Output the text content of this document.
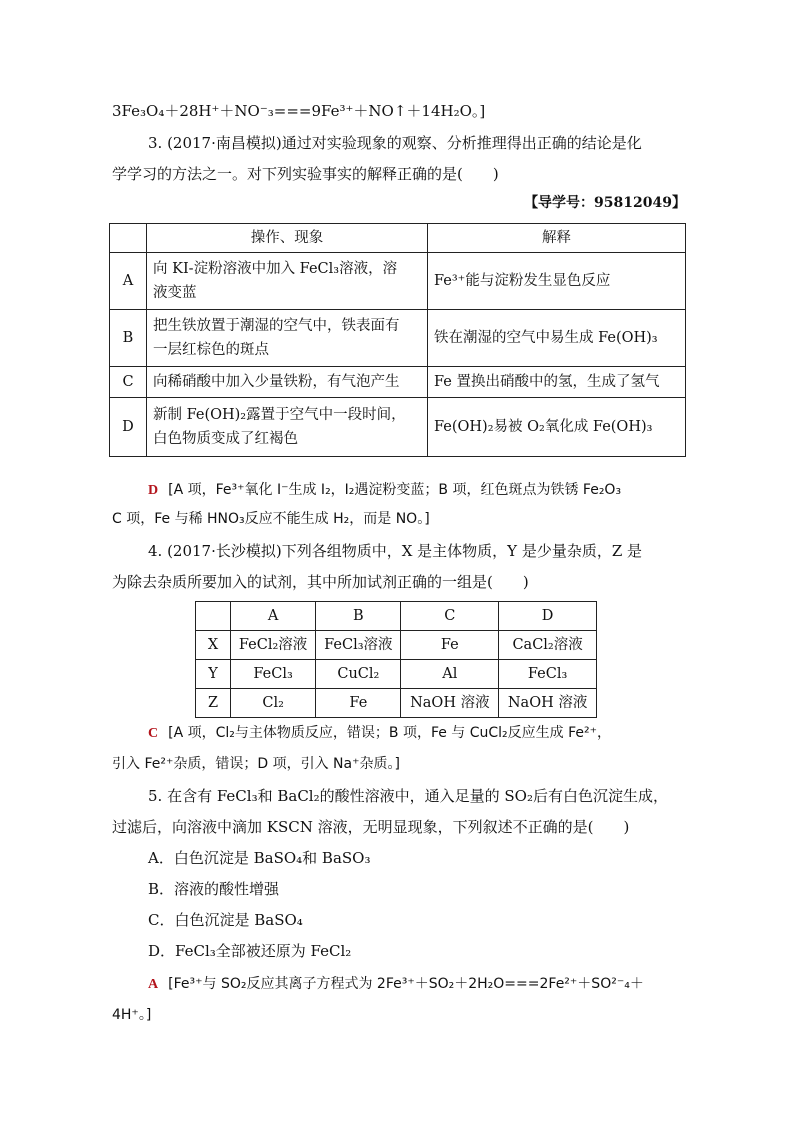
3Fe₃O₄＋28H⁺＋NO⁻₃===9Fe³⁺＋NO↑＋14H₂O。]
3. (2017·南昌模拟)通过对实验现象的观察、分析推理得出正确的结论是化
学学习的方法之一。对下列实验事实的解释正确的是(　　)
【导学号：95812049】
	操作、现象	解释
A	向 KI-淀粉溶液中加入 FeCl₃溶液，溶
液变蓝	Fe³⁺能与淀粉发生显色反应
B	把生铁放置于潮湿的空气中，铁表面有
一层红棕色的斑点	铁在潮湿的空气中易生成 Fe(OH)₃
C	向稀硝酸中加入少量铁粉，有气泡产生	Fe 置换出硝酸中的氢，生成了氢气
D	新制 Fe(OH)₂露置于空气中一段时间，
白色物质变成了红褐色	Fe(OH)₂易被 O₂氧化成 Fe(OH)₃
D [A 项，Fe³⁺氧化 I⁻生成 I₂，I₂遇淀粉变蓝；B 项，红色斑点为铁锈 Fe₂O₃
C 项，Fe 与稀 HNO₃反应不能生成 H₂，而是 NO。]
4. (2017·长沙模拟)下列各组物质中，X 是主体物质，Y 是少量杂质，Z 是
为除去杂质所要加入的试剂，其中所加试剂正确的一组是(　　)
	A	B	C	D
X	FeCl₂溶液	FeCl₃溶液	Fe	CaCl₂溶液
Y	FeCl₃	CuCl₂	Al	FeCl₃
Z	Cl₂	Fe	NaOH 溶液	NaOH 溶液
C [A 项，Cl₂与主体物质反应，错误；B 项，Fe 与 CuCl₂反应生成 Fe²⁺，
引入 Fe²⁺杂质，错误；D 项，引入 Na⁺杂质。]
5. 在含有 FeCl₃和 BaCl₂的酸性溶液中，通入足量的 SO₂后有白色沉淀生成，
过滤后，向溶液中滴加 KSCN 溶液，无明显现象，下列叙述不正确的是(　　)
A．白色沉淀是 BaSO₄和 BaSO₃
B．溶液的酸性增强
C．白色沉淀是 BaSO₄
D．FeCl₃全部被还原为 FeCl₂
A [Fe³⁺与 SO₂反应其离子方程式为 2Fe³⁺＋SO₂＋2H₂O===2Fe²⁺＋SO²⁻₄＋
4H⁺。]
